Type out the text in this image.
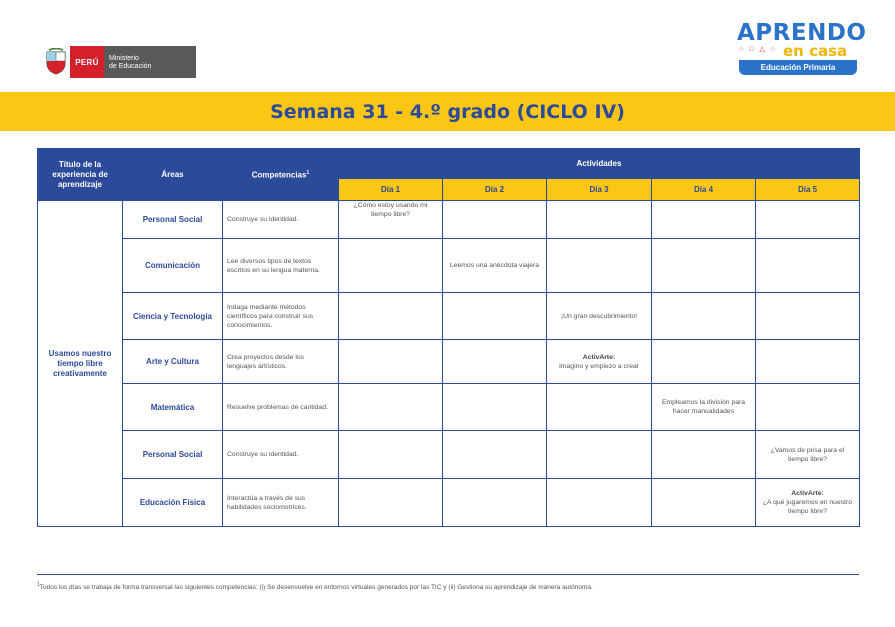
PERÚ	Ministerio
de Educación
APRENDO
○ □ △ ○ en casa
Educación Primaria
Semana 31 - 4.º grado (CICLO IV)
Título de la experiencia de aprendizaje	Áreas	Competencias$^1$	Actividades				
			Día 1	Día 2	Día 3	Día 4	Día 5
Usamos nuestro tiempo libre creativamente	Personal Social	Construye su identidad.	¿Cómo estoy usando mi tiempo libre?				
	Comunicación	Lee diversos tipos de textos escritos en su lengua materna.		Leemos una anécdota viajera			
	Ciencia y Tecnología	Indaga mediante métodos científicos para construir sus conocimientos.			¡Un gran descubrimiento!		
	Arte y Cultura	Crea proyectos desde los lenguajes artísticos.			ActivArte:
Imagino y empiezo a crear		
	Matemática	Resuelve problemas de cantidad.				Empleamos la división para hacer manualidades	
	Personal Social	Construye su identidad.					¿Vamos de prisa para el tiempo libre?
	Educación Física	Interactúa a través de sus habilidades sociomotrices.					ActivArte:
¿A qué jugaremos en nuestro tiempo libre?
$^1$Todos los días se trabaja de forma transversal las siguientes competencias: (i) Se desenvuelve en entornos virtuales generados por las TIC y (ii) Gestiona su aprendizaje de manera autónoma.
